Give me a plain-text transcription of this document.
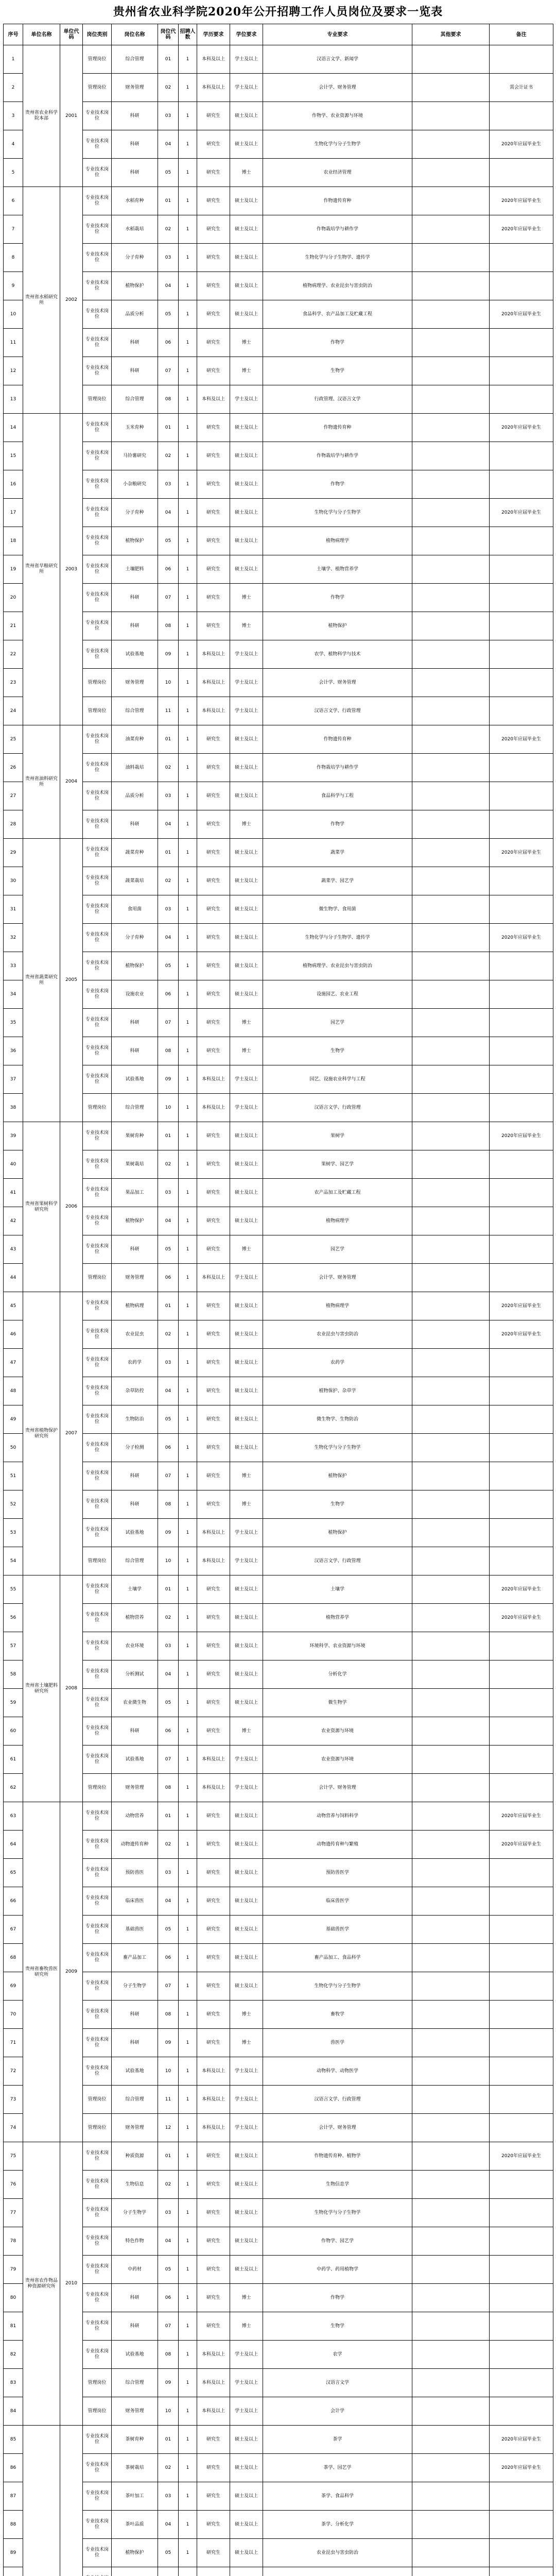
贵州省农业科学院2020年公开招聘工作人员岗位及要求一览表
序号	单位名称	单位代码	岗位类别	岗位名称	岗位代码	招聘人数	学历要求	学位要求	专业要求	其他要求	备注
1	贵州省农业科学院本部	2001	管理岗位	综合管理	01	1	本科及以上	学士及以上	汉语言文学、新闻学		
2			管理岗位	财务管理	02	1	本科及以上	学士及以上	会计学、财务管理		需会计证书
3			专业技术岗位	科研	03	1	研究生	硕士及以上	作物学、农业资源与环境		
4			专业技术岗位	科研	04	1	研究生	硕士及以上	生物化学与分子生物学		2020年应届毕业生
5			专业技术岗位	科研	05	1	研究生	博士	农业经济管理		
6	贵州省水稻研究所	2002	专业技术岗位	水稻育种	01	1	研究生	硕士及以上	作物遗传育种		2020年应届毕业生
7			专业技术岗位	水稻栽培	02	1	研究生	硕士及以上	作物栽培学与耕作学		2020年应届毕业生
8			专业技术岗位	分子育种	03	1	研究生	硕士及以上	生物化学与分子生物学、遗传学		
9			专业技术岗位	植物保护	04	1	研究生	硕士及以上	植物病理学、农业昆虫与害虫防治		
10			专业技术岗位	品质分析	05	1	研究生	硕士及以上	食品科学、农产品加工及贮藏工程		2020年应届毕业生
11			专业技术岗位	科研	06	1	研究生	博士	作物学		
12			专业技术岗位	科研	07	1	研究生	博士	生物学		
13			管理岗位	综合管理	08	1	本科及以上	学士及以上	行政管理、汉语言文学		
14	贵州省旱粮研究所	2003	专业技术岗位	玉米育种	01	1	研究生	硕士及以上	作物遗传育种		2020年应届毕业生
15			专业技术岗位	马铃薯研究	02	1	研究生	硕士及以上	作物栽培学与耕作学		
16			专业技术岗位	小杂粮研究	03	1	研究生	硕士及以上	作物学		
17			专业技术岗位	分子育种	04	1	研究生	硕士及以上	生物化学与分子生物学		2020年应届毕业生
18			专业技术岗位	植物保护	05	1	研究生	硕士及以上	植物病理学		
19			专业技术岗位	土壤肥料	06	1	研究生	硕士及以上	土壤学、植物营养学		
20			专业技术岗位	科研	07	1	研究生	博士	作物学		
21			专业技术岗位	科研	08	1	研究生	博士	植物保护		
22			专业技术岗位	试验基地	09	1	本科及以上	学士及以上	农学、植物科学与技术		
23			管理岗位	财务管理	10	1	本科及以上	学士及以上	会计学、财务管理		
24			管理岗位	综合管理	11	1	本科及以上	学士及以上	汉语言文学、行政管理		
25	贵州省油料研究所	2004	专业技术岗位	油菜育种	01	1	研究生	硕士及以上	作物遗传育种		2020年应届毕业生
26			专业技术岗位	油料栽培	02	1	研究生	硕士及以上	作物栽培学与耕作学		
27			专业技术岗位	品质分析	03	1	研究生	硕士及以上	食品科学与工程		
28			专业技术岗位	科研	04	1	研究生	博士	作物学		
29	贵州省蔬菜研究所	2005	专业技术岗位	蔬菜育种	01	1	研究生	硕士及以上	蔬菜学		2020年应届毕业生
30			专业技术岗位	蔬菜栽培	02	1	研究生	硕士及以上	蔬菜学、园艺学		
31			专业技术岗位	食用菌	03	1	研究生	硕士及以上	微生物学、食用菌		
32			专业技术岗位	分子育种	04	1	研究生	硕士及以上	生物化学与分子生物学、遗传学		2020年应届毕业生
33			专业技术岗位	植物保护	05	1	研究生	硕士及以上	植物病理学、农业昆虫与害虫防治		
34			专业技术岗位	设施农业	06	1	研究生	硕士及以上	设施园艺、农业工程		
35			专业技术岗位	科研	07	1	研究生	博士	园艺学		
36			专业技术岗位	科研	08	1	研究生	博士	生物学		
37			专业技术岗位	试验基地	09	1	本科及以上	学士及以上	园艺、设施农业科学与工程		
38			管理岗位	综合管理	10	1	本科及以上	学士及以上	汉语言文学、行政管理		
39	贵州省果树科学研究所	2006	专业技术岗位	果树育种	01	1	研究生	硕士及以上	果树学		2020年应届毕业生
40			专业技术岗位	果树栽培	02	1	研究生	硕士及以上	果树学、园艺学		
41			专业技术岗位	果品加工	03	1	研究生	硕士及以上	农产品加工及贮藏工程		
42			专业技术岗位	植物保护	04	1	研究生	硕士及以上	植物病理学		
43			专业技术岗位	科研	05	1	研究生	博士	园艺学		
44			管理岗位	财务管理	06	1	本科及以上	学士及以上	会计学、财务管理		
45	贵州省植物保护研究所	2007	专业技术岗位	植物病理	01	1	研究生	硕士及以上	植物病理学		2020年应届毕业生
46			专业技术岗位	农业昆虫	02	1	研究生	硕士及以上	农业昆虫与害虫防治		2020年应届毕业生
47			专业技术岗位	农药学	03	1	研究生	硕士及以上	农药学		
48			专业技术岗位	杂草防控	04	1	研究生	硕士及以上	植物保护、杂草学		
49			专业技术岗位	生物防治	05	1	研究生	硕士及以上	微生物学、生物防治		
50			专业技术岗位	分子检测	06	1	研究生	硕士及以上	生物化学与分子生物学		
51			专业技术岗位	科研	07	1	研究生	博士	植物保护		
52			专业技术岗位	科研	08	1	研究生	博士	生物学		
53			专业技术岗位	试验基地	09	1	本科及以上	学士及以上	植物保护		
54			管理岗位	综合管理	10	1	本科及以上	学士及以上	汉语言文学、行政管理		
55	贵州省土壤肥料研究所	2008	专业技术岗位	土壤学	01	1	研究生	硕士及以上	土壤学		2020年应届毕业生
56			专业技术岗位	植物营养	02	1	研究生	硕士及以上	植物营养学		2020年应届毕业生
57			专业技术岗位	农业环境	03	1	研究生	硕士及以上	环境科学、农业资源与环境		
58			专业技术岗位	分析测试	04	1	研究生	硕士及以上	分析化学		
59			专业技术岗位	农业微生物	05	1	研究生	硕士及以上	微生物学		
60			专业技术岗位	科研	06	1	研究生	博士	农业资源与环境		
61			专业技术岗位	试验基地	07	1	本科及以上	学士及以上	农业资源与环境		
62			管理岗位	财务管理	08	1	本科及以上	学士及以上	会计学、财务管理		
63	贵州省畜牧兽医研究所	2009	专业技术岗位	动物营养	01	1	研究生	硕士及以上	动物营养与饲料科学		2020年应届毕业生
64			专业技术岗位	动物遗传育种	02	1	研究生	硕士及以上	动物遗传育种与繁殖		2020年应届毕业生
65			专业技术岗位	预防兽医	03	1	研究生	硕士及以上	预防兽医学		
66			专业技术岗位	临床兽医	04	1	研究生	硕士及以上	临床兽医学		
67			专业技术岗位	基础兽医	05	1	研究生	硕士及以上	基础兽医学		
68			专业技术岗位	畜产品加工	06	1	研究生	硕士及以上	畜产品加工、食品科学		
69			专业技术岗位	分子生物学	07	1	研究生	硕士及以上	生物化学与分子生物学		
70			专业技术岗位	科研	08	1	研究生	博士	畜牧学		
71			专业技术岗位	科研	09	1	研究生	博士	兽医学		
72			专业技术岗位	试验基地	10	1	本科及以上	学士及以上	动物科学、动物医学		
73			管理岗位	综合管理	11	1	本科及以上	学士及以上	汉语言文学、行政管理		
74			管理岗位	财务管理	12	1	本科及以上	学士及以上	会计学、财务管理		
75	贵州省农作物品种资源研究所	2010	专业技术岗位	种质资源	01	1	研究生	硕士及以上	作物遗传育种、植物学		2020年应届毕业生
76			专业技术岗位	生物信息	02	1	研究生	硕士及以上	生物信息学		
77			专业技术岗位	分子生物学	03	1	研究生	硕士及以上	生物化学与分子生物学		
78			专业技术岗位	特色作物	04	1	研究生	硕士及以上	作物学、园艺学		
79			专业技术岗位	中药材	05	1	研究生	硕士及以上	中药学、药用植物学		
80			专业技术岗位	科研	06	1	研究生	博士	作物学		
81			专业技术岗位	科研	07	1	研究生	博士	生物学		
82			专业技术岗位	试验基地	08	1	本科及以上	学士及以上	农学		
83			管理岗位	综合管理	09	1	本科及以上	学士及以上	汉语言文学		
84			管理岗位	财务管理	10	1	本科及以上	学士及以上	会计学		
85			专业技术岗位	茶树育种	01	1	研究生	硕士及以上	茶学		2020年应届毕业生
86			专业技术岗位	茶树栽培	02	1	研究生	硕士及以上	茶学、园艺学		2020年应届毕业生
87			专业技术岗位	茶叶加工	03	1	研究生	硕士及以上	茶学、食品科学		
88			专业技术岗位	茶叶品质	04	1	研究生	硕士及以上	茶学、分析化学		
89			专业技术岗位	植物保护	05	1	研究生	硕士及以上	农业昆虫与害虫防治		
